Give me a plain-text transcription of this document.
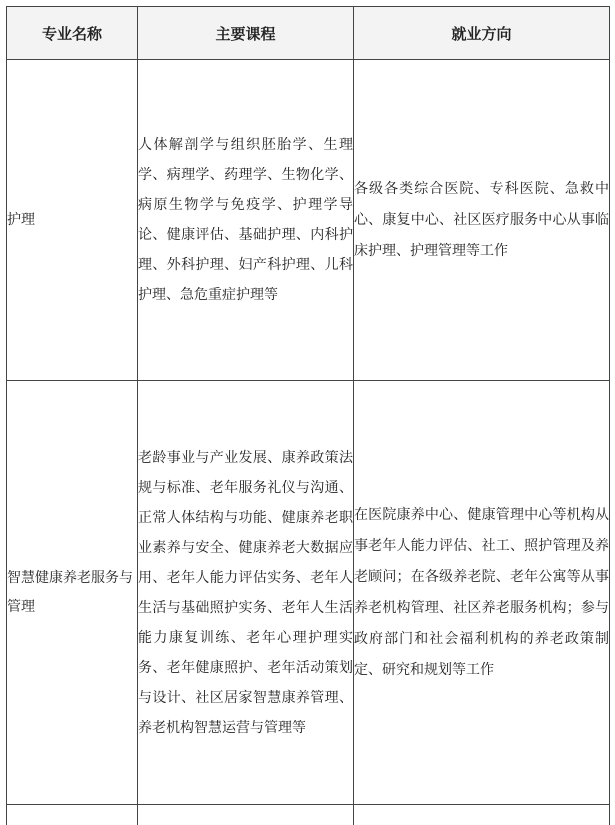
专业名称	主要课程	就业方向
护理	人体解剖学与组织胚胎学、生理学、病理学、药理学、生物化学、病原生物学与免疫学、护理学导论、健康评估、基础护理、内科护理、外科护理、妇产科护理、儿科护理、急危重症护理等	各级各类综合医院、专科医院、急救中心、康复中心、社区医疗服务中心从事临床护理、护理管理等工作
智慧健康养老服务与管理	老龄事业与产业发展、康养政策法规与标准、老年服务礼仪与沟通、正常人体结构与功能、健康养老职业素养与安全、健康养老大数据应用、老年人能力评估实务、老年人生活与基础照护实务、老年人生活能力康复训练、老年心理护理实务、老年健康照护、老年活动策划与设计、社区居家智慧康养管理、养老机构智慧运营与管理等	在医院康养中心、健康管理中心等机构从事老年人能力评估、社工、照护管理及养老顾问；在各级养老院、老年公寓等从事养老机构管理、社区养老服务机构；参与政府部门和社会福利机构的养老政策制定、研究和规划等工作
